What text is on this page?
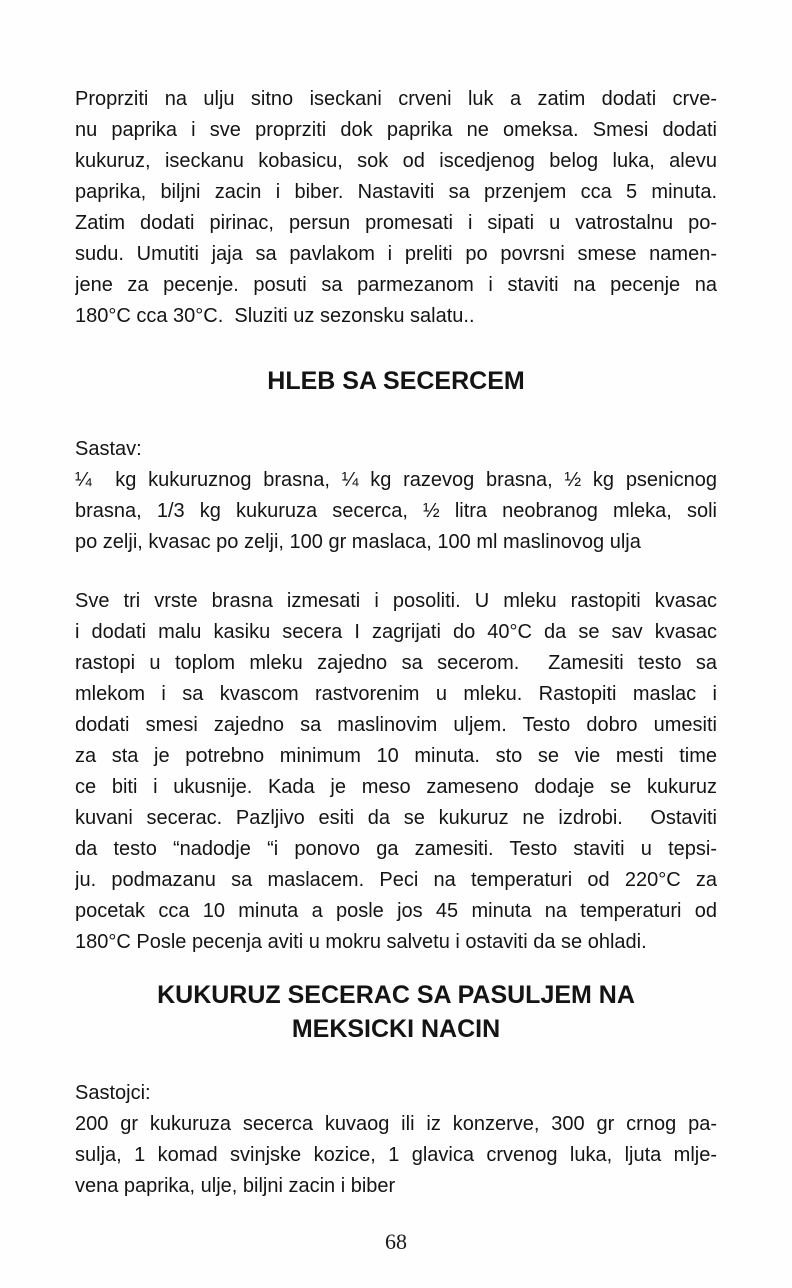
Proprziti na ulju sitno iseckani crveni luk a zatim dodati crve-
nu paprika i sve proprziti dok paprika ne omeksa. Smesi dodati
kukuruz, iseckanu kobasicu, sok od iscedjenog belog luka, alevu
paprika, biljni zacin i biber. Nastaviti sa przenjem cca 5 minuta.
Zatim dodati pirinac, persun promesati i sipati u vatrostalnu po-
sudu. Umutiti jaja sa pavlakom i preliti po povrsni smese namen-
jene za pecenje. posuti sa parmezanom i staviti na pecenje na
180°C cca 30°C.  Sluziti uz sezonsku salatu..
HLEB SA SECERCEM
Sastav:
¼  kg kukuruznog brasna, ¼ kg razevog brasna, ½ kg psenicnog
brasna, 1/3 kg kukuruza secerca, ½ litra neobranog mleka, soli
po zelji, kvasac po zelji, 100 gr maslaca, 100 ml maslinovog ulja
Sve tri vrste brasna izmesati i posoliti. U mleku rastopiti kvasac
i dodati malu kasiku secera I zagrijati do 40°C da se sav kvasac
rastopi u toplom mleku zajedno sa secerom.  Zamesiti testo sa
mlekom i sa kvascom rastvorenim u mleku. Rastopiti maslac i
dodati smesi zajedno sa maslinovim uljem. Testo dobro umesiti
za sta je potrebno minimum 10 minuta. sto se vie mesti time
ce biti i ukusnije. Kada je meso zameseno dodaje se kukuruz
kuvani secerac. Pazljivo esiti da se kukuruz ne izdrobi.  Ostaviti
da testo “nadodje “i ponovo ga zamesiti. Testo staviti u tepsi-
ju. podmazanu sa maslacem. Peci na temperaturi od 220°C za
pocetak cca 10 minuta a posle jos 45 minuta na temperaturi od
180°C Posle pecenja aviti u mokru salvetu i ostaviti da se ohladi.
KUKURUZ SECERAC SA PASULJEM NA
MEKSICKI NACIN
Sastojci:
200 gr kukuruza secerca kuvaog ili iz konzerve, 300 gr crnog pa-
sulja, 1 komad svinjske kozice, 1 glavica crvenog luka, ljuta mlje-
vena paprika, ulje, biljni zacin i biber
68
